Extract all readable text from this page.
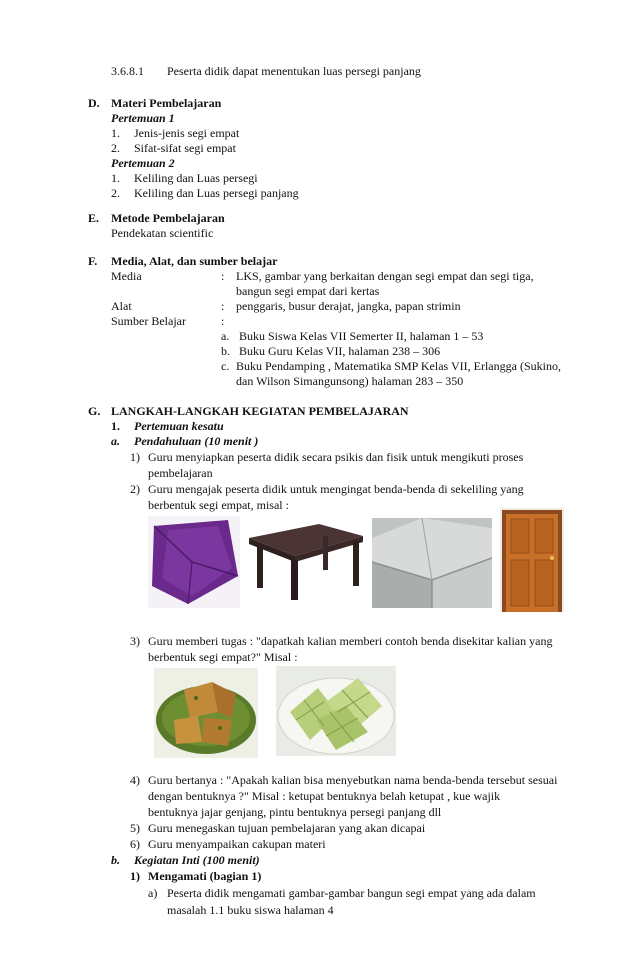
3.6.8.1 Peserta didik dapat menentukan luas persegi panjang
D. Materi Pembelajaran
Pertemuan 1
1. Jenis-jenis segi empat
2. Sifat-sifat segi empat
Pertemuan 2
1. Keliling dan Luas persegi
2. Keliling dan Luas persegi panjang
E. Metode Pembelajaran
Pendekatan scientific
F. Media, Alat, dan sumber belajar
Media	: LKS, gambar yang berkaitan dengan segi empat dan segi tiga,
bangun segi empat dari kertas
Alat	: penggaris, busur derajat, jangka, papan strimin
Sumber Belajar	:
a. Buku Siswa Kelas VII Semerter II, halaman 1 – 53
b. Buku Guru Kelas VII, halaman 238 – 306
c. Buku Pendamping , Matematika SMP Kelas VII, Erlangga (Sukino,
dan Wilson Simangunsong) halaman 283 – 350
G. LANGKAH-LANGKAH KEGIATAN PEMBELAJARAN
1. Pertemuan kesatu
a. Pendahuluan (10 menit )
1) Guru menyiapkan peserta didik secara psikis dan fisik untuk mengikuti proses
pembelajaran
2) Guru mengajak peserta didik untuk mengingat benda-benda di sekeliling yang
berbentuk segi empat, misal :
3) Guru memberi tugas : "dapatkah kalian memberi contoh benda disekitar kalian yang
berbentuk segi empat?" Misal :
4) Guru bertanya : "Apakah kalian bisa menyebutkan nama benda-benda tersebut sesuai
dengan bentuknya ?" Misal : ketupat bentuknya belah ketupat , kue wajik
bentuknya jajar genjang, pintu bentuknya persegi panjang dll
5) Guru menegaskan tujuan pembelajaran yang akan dicapai
6) Guru menyampaikan cakupan materi
b. Kegiatan Inti (100 menit)
1) Mengamati (bagian 1)
a) Peserta didik mengamati gambar-gambar bangun segi empat yang ada dalam
masalah 1.1 buku siswa halaman 4
